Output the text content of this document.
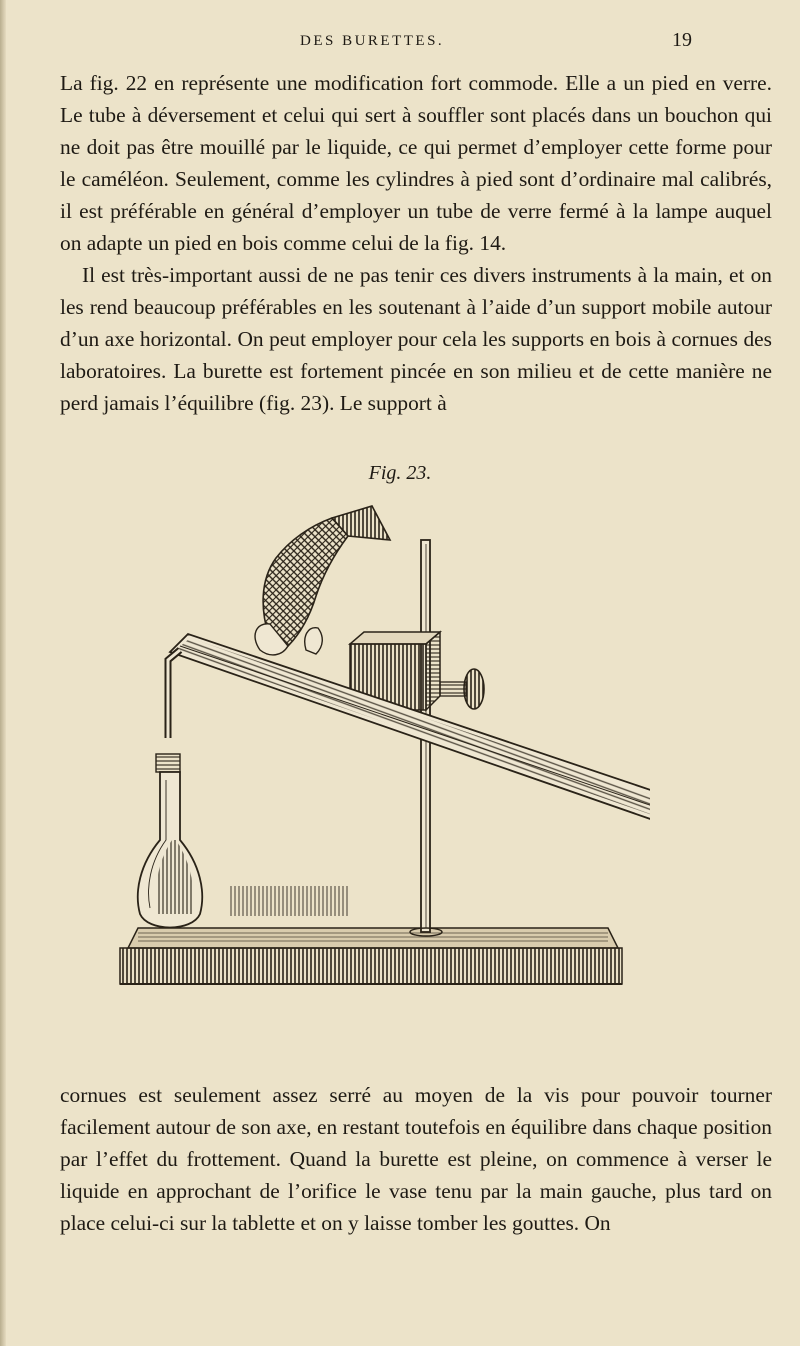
DES BURETTES.	19

La fig. 22 en représente une modification fort commode. Elle a un pied en verre. Le tube à déversement et celui qui sert à souffler sont placés dans un bouchon qui ne doit pas être mouillé par le liquide, ce qui permet d’employer cette forme pour le caméléon. Seulement, comme les cylindres à pied sont d’ordinaire mal calibrés, il est préférable en général d’employer un tube de verre fermé à la lampe auquel on adapte un pied en bois comme celui de la fig. 14.

Il est très-important aussi de ne pas tenir ces divers instruments à la main, et on les rend beaucoup préférables en les soutenant à l’aide d’un support mobile autour d’un axe horizontal. On peut employer pour cela les supports en bois à cornues des laboratoires. La burette est fortement pincée en son milieu et de cette manière ne perd jamais l’équilibre (fig. 23). Le support à

Fig. 23.

cornues est seulement assez serré au moyen de la vis pour pouvoir tourner facilement autour de son axe, en restant toutefois en équilibre dans chaque position par l’effet du frottement. Quand la burette est pleine, on commence à verser le liquide en approchant de l’orifice le vase tenu par la main gauche, plus tard on place celui-ci sur la tablette et on y laisse tomber les gouttes. On
